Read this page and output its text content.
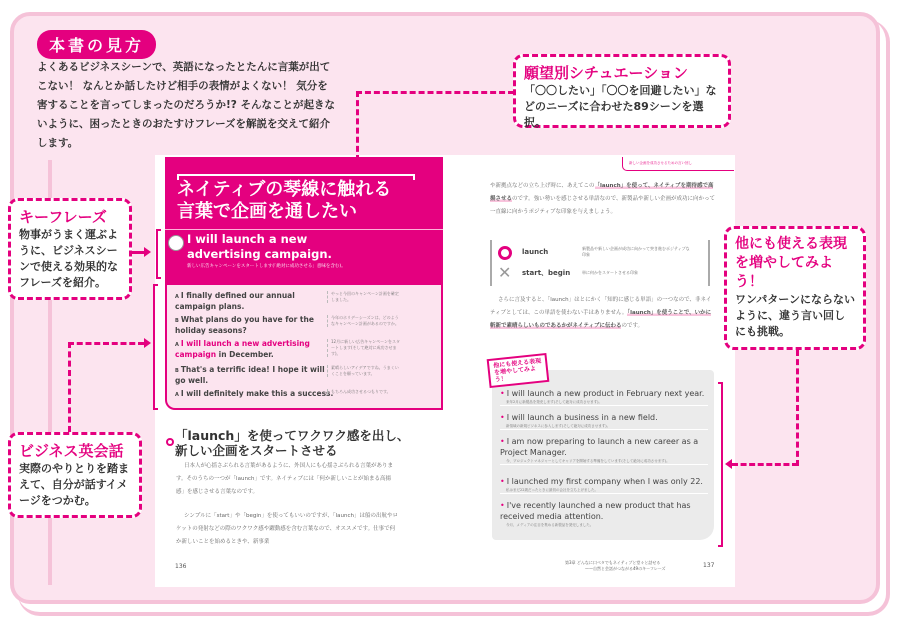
本書の見方
よくあるビジネスシーンで、英語になったとたんに言葉が出てこない！ なんとか話したけど相手の表情がよくない！ 気分を害することを言ってしまったのだろうか!? そんなことが起きないように、困ったときのおたすけフレーズを解説を交えて紹介します。
ネイティブの琴線に触れる
言葉で企画を通したい
I will launch a new advertising campaign.
新しい広告キャンペーンをスタートします(「絶対に成功させる」意味を含む)。
A I finally defined our annual campaign plans.
やっと今回のキャンペーン計画を確定しました。
B What plans do you have for the holiday seasons?
今年のホリデーシーズンは、どのようなキャンペーン計画があるのですか。
A I will launch a new advertising campaign in December.
12月に新しい広告キャンペーンをスタートします(そして絶対に成功させます)。
B That's a terrific idea! I hope it will go well.
素晴らしいアイデアですね。うまくいくことを願っています。
A I will definitely make this a success.
もちろん成功させるつもりです。
「launch」を使ってワクワク感を出し、
新しい企画をスタートさせる
日本人が心揺さぶられる言葉があるように、外国人にも心揺さぶられる言葉があります。そのうちの一つが「launch」です。ネイティブには「何か新しいことが始まる高揚感」を感じさせる言葉なのです。
シンプルに「start」や「begin」を使ってもいいのですが、「launch」は船の出航やロケットの発射などの際のワクワク感や躍動感を含む言葉なので、オススメです。仕事で何か新しいことを始めるときや、新事業
136
新しい企画を成功させるための言い回し
や新拠点などの立ち上げ時に、あえてこの「launch」を使って、ネイティブを期待感で高揚させるのです。強い勢いを感じさせる単語なので、新製品や新しい企画が成功に向かって一直線に向かうポジティブな印象を与えましょう。
launch	新製品や新しい企画が成功に向かって突き進むポジティブな印象
✕ start、begin	単に何かをスタートさせる印象
さらに言及すると、「launch」はとにかく「知的に感じる単語」の一つなので、非ネイティブとしては、この単語を使わない手はありません。「launch」を使うことで、いかに斬新で素晴らしいものであるかがネイティブに伝わるのです。
• I will launch a new product in February next year.
来年2月に新製品を発売します(そして絶対に成功させます)。
• I will launch a business in a new field.
新領域の新規ビジネスに参入します(そして絶対に成功させます)。
• I am now preparing to launch a new career as a Project Manager.
今、プロジェクトマネジャーとしてキャリアを開始する準備をしています(そして絶対に成功させます)。
• I launched my first company when I was only 22.
私はまだ22歳だったときに最初の会社を立ち上げました。
• I've recently launched a new product that has received media attention.
今月、メディアの注目を集める新製品を発売しました。
他にも使える表現を増やしてみよう！
第3章 どんなに口ベタでもネイティブと堂々と話せる
——自然と会話がつながる49のキーフレーズ	137
願望別シチュエーション
「〇〇したい」「〇〇を回避したい」などのニーズに合わせた89シーンを選択。
キーフレーズ
物事がうまく運ぶように、ビジネスシーンで使える効果的なフレーズを紹介。
ビジネス英会話
実際のやりとりを踏まえて、自分が話すイメージをつかむ。
他にも使える表現を増やしてみよう！
ワンパターンにならないように、違う言い回しにも挑戦。
